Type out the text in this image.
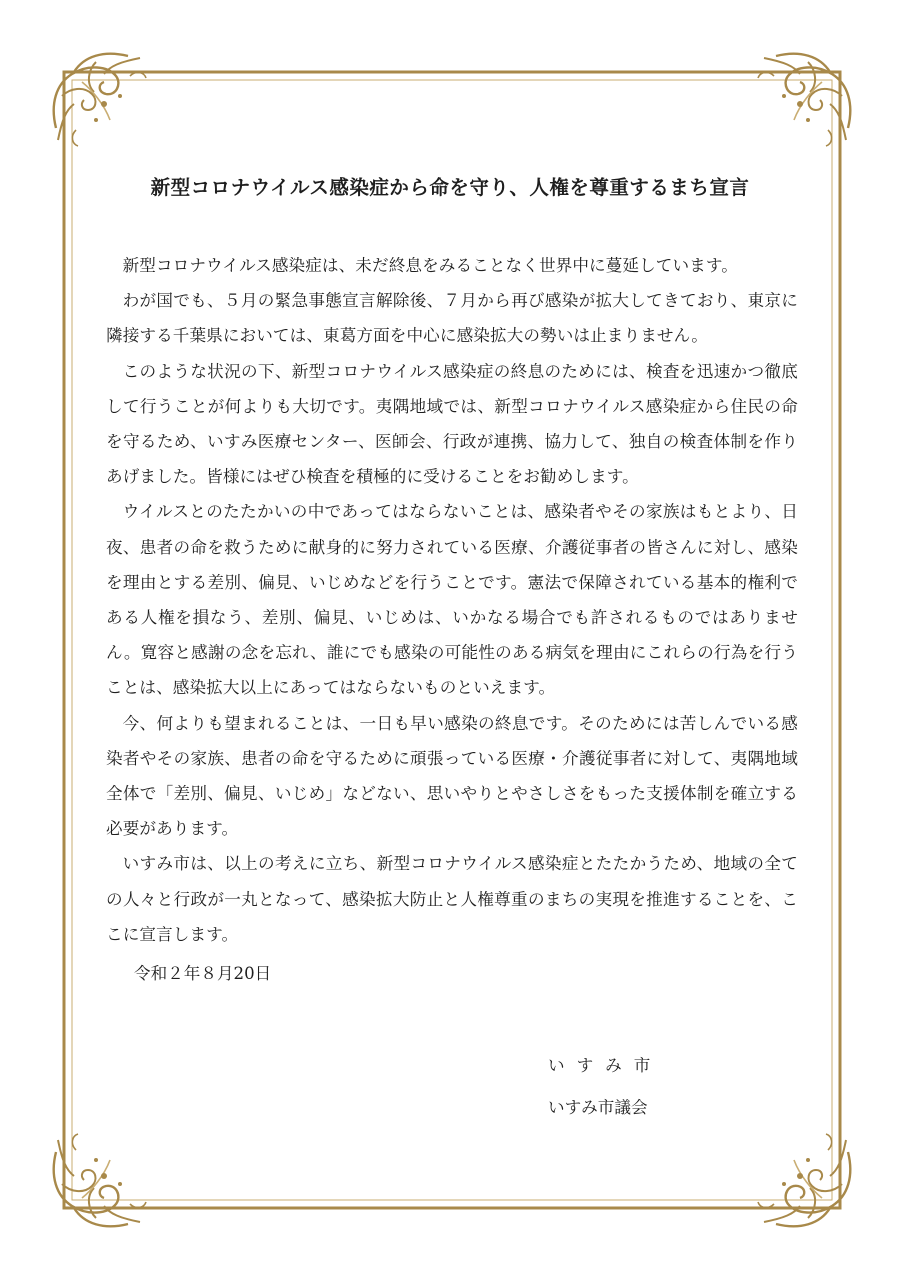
新型コロナウイルス感染症から命を守り、人権を尊重するまち宣言

新型コロナウイルス感染症は、未だ終息をみることなく世界中に蔓延しています。

わが国でも、５月の緊急事態宣言解除後、７月から再び感染が拡大してきており、東京に隣接する千葉県においては、東葛方面を中心に感染拡大の勢いは止まりません。

このような状況の下、新型コロナウイルス感染症の終息のためには、検査を迅速かつ徹底して行うことが何よりも大切です。夷隅地域では、新型コロナウイルス感染症から住民の命を守るため、いすみ医療センター、医師会、行政が連携、協力して、独自の検査体制を作りあげました。皆様にはぜひ検査を積極的に受けることをお勧めします。

ウイルスとのたたかいの中であってはならないことは、感染者やその家族はもとより、日夜、患者の命を救うために献身的に努力されている医療、介護従事者の皆さんに対し、感染を理由とする差別、偏見、いじめなどを行うことです。憲法で保障されている基本的権利である人権を損なう、差別、偏見、いじめは、いかなる場合でも許されるものではありません。寛容と感謝の念を忘れ、誰にでも感染の可能性のある病気を理由にこれらの行為を行うことは、感染拡大以上にあってはならないものといえます。

今、何よりも望まれることは、一日も早い感染の終息です。そのためには苦しんでいる感染者やその家族、患者の命を守るために頑張っている医療・介護従事者に対して、夷隅地域全体で「差別、偏見、いじめ」などない、思いやりとやさしさをもった支援体制を確立する必要があります。

いすみ市は、以上の考えに立ち、新型コロナウイルス感染症とたたかうため、地域の全ての人々と行政が一丸となって、感染拡大防止と人権尊重のまちの実現を推進することを、ここに宣言します。

令和２年８月20日
いすみ市
いすみ市議会
